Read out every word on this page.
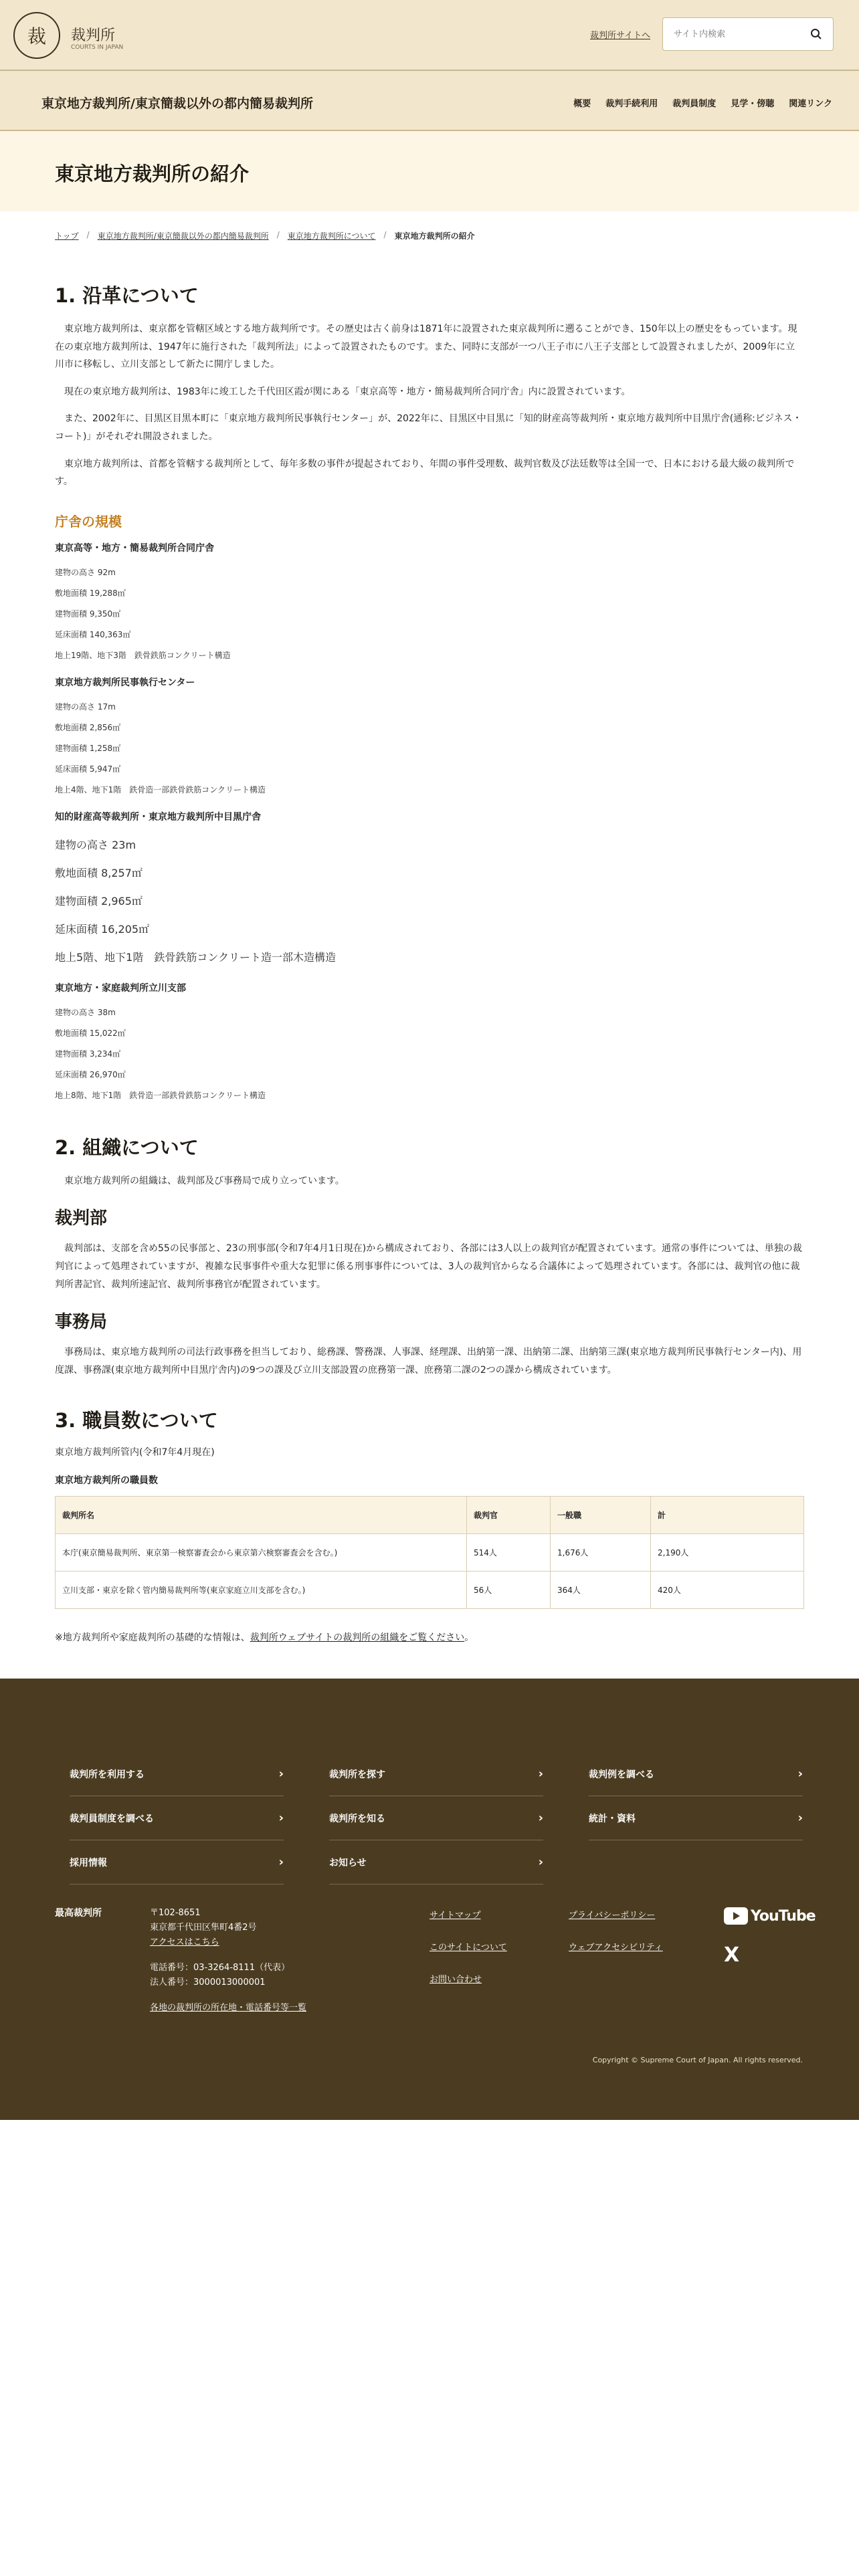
裁	裁判所
COURTS IN JAPAN
裁判所サイトへ
サイト内検索
東京地方裁判所/東京簡裁以外の都内簡易裁判所	概要 裁判手続利用 裁判員制度 見学・傍聴 関連リンク
東京地方裁判所の紹介
トップ / 東京地方裁判所/東京簡裁以外の都内簡易裁判所 / 東京地方裁判所について / 東京地方裁判所の紹介
1. 沿革について

東京地方裁判所は、東京都を管轄区域とする地方裁判所です。その歴史は古く前身は1871年に設置された東京裁判所に遡ることができ、150年以上の歴史をもっています。現在の東京地方裁判所は、1947年に施行された「裁判所法」によって設置されたものです。また、同時に支部が一つ八王子市に八王子支部として設置されましたが、2009年に立川市に移転し、立川支部として新たに開庁しました。

現在の東京地方裁判所は、1983年に竣工した千代田区霞が関にある「東京高等・地方・簡易裁判所合同庁舎」内に設置されています。

また、2002年に、目黒区目黒本町に「東京地方裁判所民事執行センター」が、2022年に、目黒区中目黒に「知的財産高等裁判所・東京地方裁判所中目黒庁舎(通称:ビジネス・コート)」がそれぞれ開設されました。

東京地方裁判所は、首都を管轄する裁判所として、毎年多数の事件が提起されており、年間の事件受理数、裁判官数及び法廷数等は全国一で、日本における最大級の裁判所です。

庁舎の規模
東京高等・地方・簡易裁判所合同庁舎
建物の高さ 92m
敷地面積 19,288㎡
建物面積 9,350㎡
延床面積 140,363㎡
地上19階、地下3階　鉄骨鉄筋コンクリート構造
東京地方裁判所民事執行センター
建物の高さ 17m
敷地面積 2,856㎡
建物面積 1,258㎡
延床面積 5,947㎡
地上4階、地下1階　鉄骨造一部鉄骨鉄筋コンクリート構造
知的財産高等裁判所・東京地方裁判所中目黒庁舎
建物の高さ 23m
敷地面積 8,257㎡
建物面積 2,965㎡
延床面積 16,205㎡
地上5階、地下1階　鉄骨鉄筋コンクリート造一部木造構造
東京地方・家庭裁判所立川支部
建物の高さ 38m
敷地面積 15,022㎡
建物面積 3,234㎡
延床面積 26,970㎡
地上8階、地下1階　鉄骨造一部鉄骨鉄筋コンクリート構造
2. 組織について

東京地方裁判所の組織は、裁判部及び事務局で成り立っています。

裁判部

裁判部は、支部を含め55の民事部と、23の刑事部(令和7年4月1日現在)から構成されており、各部には3人以上の裁判官が配置されています。通常の事件については、単独の裁判官によって処理されていますが、複雑な民事事件や重大な犯罪に係る刑事事件については、3人の裁判官からなる合議体によって処理されています。各部には、裁判官の他に裁判所書記官、裁判所速記官、裁判所事務官が配置されています。

事務局

事務局は、東京地方裁判所の司法行政事務を担当しており、総務課、警務課、人事課、経理課、出納第一課、出納第二課、出納第三課(東京地方裁判所民事執行センター内)、用度課、事務課(東京地方裁判所中目黒庁舎内)の9つの課及び立川支部設置の庶務第一課、庶務第二課の2つの課から構成されています。

3. 職員数について
東京地方裁判所管内(令和7年4月現在)
東京地方裁判所の職員数
裁判所名	裁判官	一般職	計
本庁(東京簡易裁判所、東京第一検察審査会から東京第六検察審査会を含む。)	514人	1,676人	2,190人
立川支部・東京を除く管内簡易裁判所等(東京家庭立川支部を含む。)	56人	364人	420人
※地方裁判所や家庭裁判所の基礎的な情報は、裁判所ウェブサイトの裁判所の組織をご覧ください。
裁判所を利用する	›	裁判所を探す	›	裁判例を調べる	›
裁判員制度を調べる	›	裁判所を知る	›	統計・資料	›
採用情報	›	お知らせ	›
最高裁判所	〒102-8651
東京都千代田区隼町4番2号
アクセスはこちら
電話番号：03-3264-8111（代表）
法人番号：3000013000001
各地の裁判所の所在地・電話番号等一覧
サイトマップ
このサイトについて
お問い合わせ
プライバシーポリシー
ウェブアクセシビリティ
YouTube
X
Copyright © Supreme Court of Japan. All rights reserved.
